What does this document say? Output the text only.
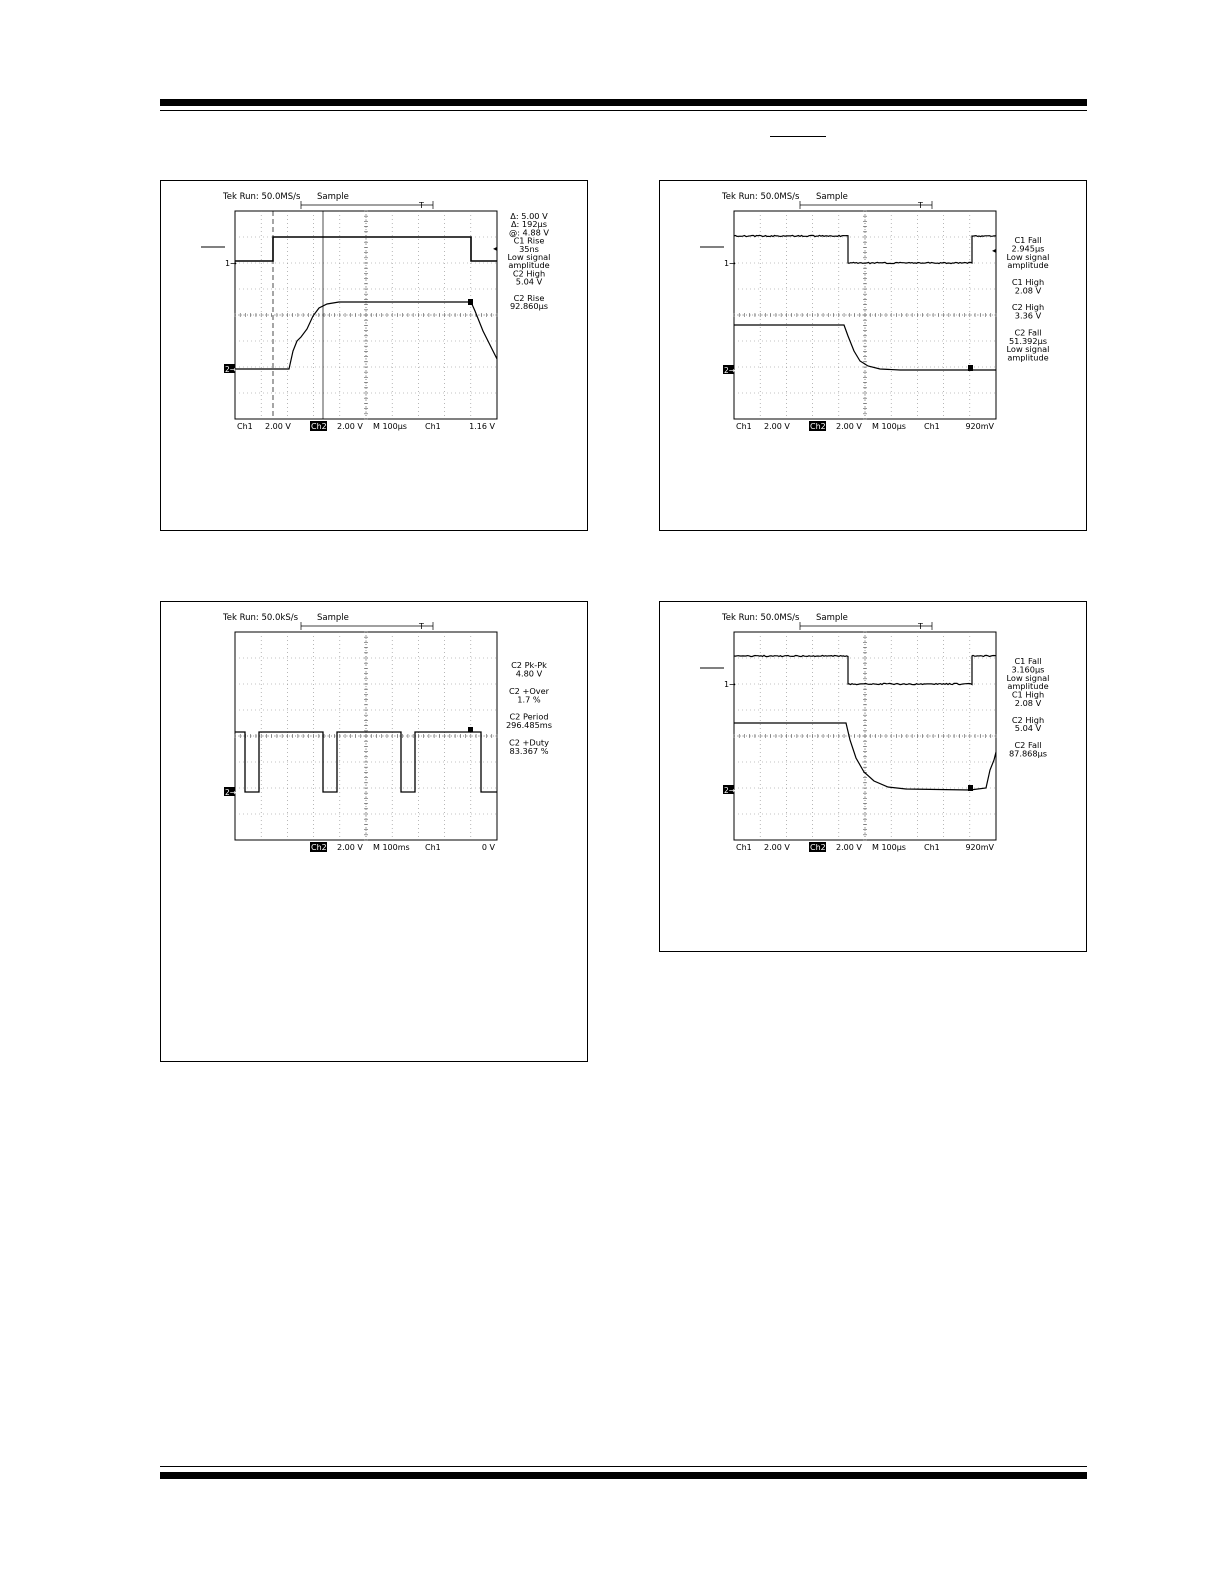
Tek Run: 50.0MS/s Sample
T
Ch1 2.00 V	Ch2 2.00 V M 100µs Ch1	1.16 V
Δ: 5.00 V
Δ: 192µs
@: 4.88 V
C1 Rise
35ns
Low signal
amplitude
C2 High
5.04 V
C2 Rise
92.860µs
1→
2→
◂
Tek Run: 50.0MS/s Sample
T
Ch1 2.00 V	Ch2 2.00 V M 100µs Ch1	920mV
C1 Fall
2.945µs
Low signal
amplitude
C1 High
2.08 V
C2 High
3.36 V
C2 Fall
51.392µs
Low signal
amplitude
1→
2→
◂
Tek Run: 50.0kS/s Sample
T
Ch2 2.00 V M 100ms Ch1	0 V
C2 Pk-Pk
4.80 V
C2 +Over
1.7 %
C2 Period
296.485ms
C2 +Duty
83.367 %
2→
Tek Run: 50.0MS/s Sample
T
Ch1 2.00 V	Ch2 2.00 V M 100µs Ch1	920mV
C1 Fall
3.160µs
Low signal
amplitude
C1 High
2.08 V
C2 High
5.04 V
C2 Fall
87.868µs
1→
2→
